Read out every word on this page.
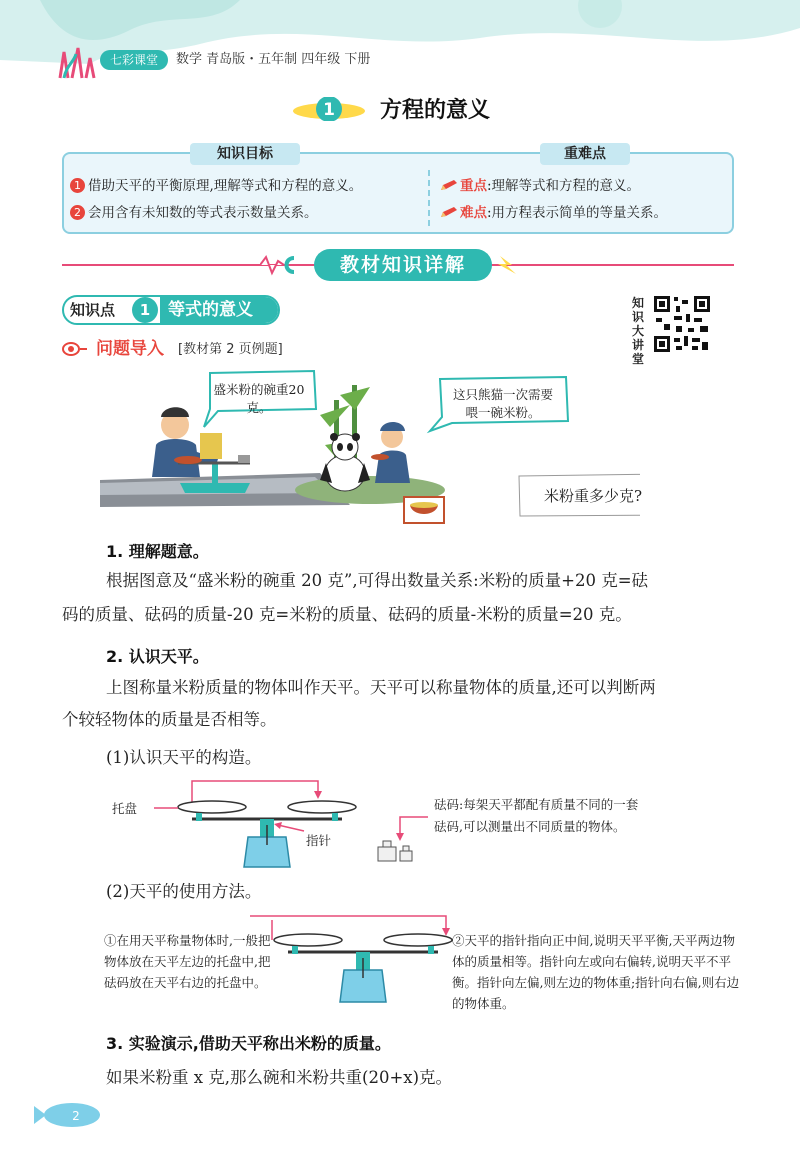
七彩课堂	数学 青岛版・五年制 四年级 下册
1	方程的意义
知识目标	重难点
1 借助天平的平衡原理,理解等式和方程的意义。
2 会用含有未知数的等式表示数量关系。
重点:理解等式和方程的意义。
难点:用方程表示简单的等量关系。
教材知识详解
知识点	1	等式的意义	知识大讲堂
问题导入 [教材第 2 页例题]
盛米粉的碗重20克。
这只熊猫一次需要喂一碗米粉。
米粉重多少克?
1. 理解题意。
根据图意及“盛米粉的碗重 20 克”,可得出数量关系:米粉的质量+20 克=砝
码的质量、砝码的质量-20 克=米粉的质量、砝码的质量-米粉的质量=20 克。
2. 认识天平。
上图称量米粉质量的物体叫作天平。天平可以称量物体的质量,还可以判断两
个较轻物体的质量是否相等。
(1)认识天平的构造。
托盘
指针
砝码:每架天平都配有质量不同的一套
砝码,可以测量出不同质量的物体。
(2)天平的使用方法。
①在用天平称量物体时,一般把物体放在天平左边的托盘中,把砝码放在天平右边的托盘中。
②天平的指针指向正中间,说明天平平衡,天平两边物体的质量相等。指针向左或向右偏转,说明天平不平衡。指针向左偏,则左边的物体重;指针向右偏,则右边的物体重。
3. 实验演示,借助天平称出米粉的质量。
如果米粉重 x 克,那么碗和米粉共重(20+x)克。
2
